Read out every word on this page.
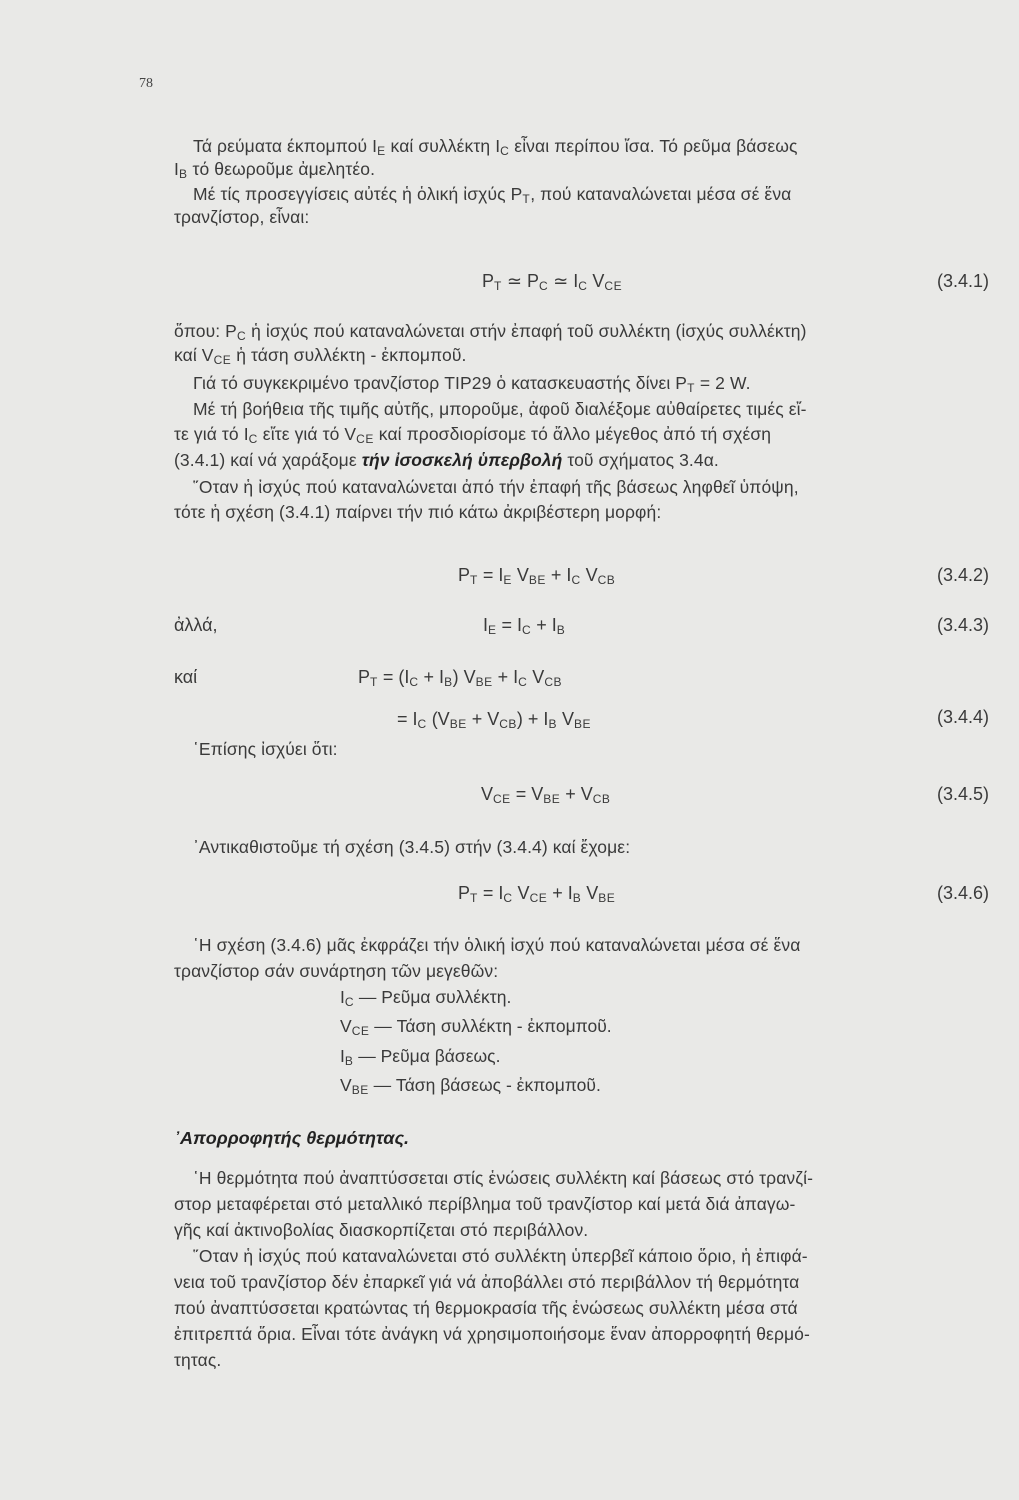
78
Τά ρεύματα έκπομπού $I_E$ καί συλλέκτη $I_C$ εἶναι περίπου ἴσα. Τό ρεῦμα βάσεως
$I_B$ τό θεωροῦμε ἀμελητέο.
Μέ τίς προσεγγίσεις αὐτές ἡ ὁλική ἰσχύς $P_T$, πού καταναλώνεται μέσα σέ ἕνα
τρανζίστορ, εἶναι:
$P_T$ ≃ $P_C$ ≃ $I_C$ $V_{CE}$	(3.4.1)
ὅπου: $P_C$ ἡ ἰσχύς πού καταναλώνεται στήν ἐπαφή τοῦ συλλέκτη (ἰσχύς συλλέκτη)
καί $V_{CE}$ ἡ τάση συλλέκτη - ἐκπομποῦ.
Γιά τό συγκεκριμένο τρανζίστορ TIP29 ὁ κατασκευαστής δίνει $P_T = 2$ W.
Μέ τή βοήθεια τῆς τιμῆς αὐτῆς, μποροῦμε, ἀφοῦ διαλέξομε αὐθαίρετες τιμές εἴ-
τε γιά τό $I_C$ εἴτε γιά τό $V_{CE}$ καί προσδιορίσομε τό ἄλλο μέγεθος ἀπό τή σχέση
(3.4.1) καί νά χαράξομε τήν ἰσοσκελή ὑπερβολή τοῦ σχήματος 3.4α.
῞Οταν ἡ ἰσχύς πού καταναλώνεται ἀπό τήν ἐπαφή τῆς βάσεως ληφθεῖ ὑπόψη,
τότε ἡ σχέση (3.4.1) παίρνει τήν πιό κάτω ἀκριβέστερη μορφή:
$P_T = I_E$ $V_{BE} + I_C$ $V_{CB}$	(3.4.2)
ἀλλά,	$I_E = I_C + I_B$	(3.4.3)
καί	$P_T = (I_C + I_B) V_{BE} + I_C$ $V_{CB}$
= $I_C$ $(V_{BE} + V_{CB}) + I_B$ $V_{BE}$	(3.4.4)
῾Επίσης ἰσχύει ὅτι:
$V_{CE} = V_{BE} + V_{CB}$	(3.4.5)
᾿Αντικαθιστοῦμε τή σχέση (3.4.5) στήν (3.4.4) καί ἔχομε:
$P_T = I_C$ $V_{CE} + I_B$ $V_{BE}$	(3.4.6)
῾Η σχέση (3.4.6) μᾶς ἐκφράζει τήν ὁλική ἰσχύ πού καταναλώνεται μέσα σέ ἕνα
τρανζίστορ σάν συνάρτηση τῶν μεγεθῶν:
$I_C$ — Ρεῦμα συλλέκτη.
$V_{CE}$ — Τάση συλλέκτη - ἐκπομποῦ.
$I_B$ — Ρεῦμα βάσεως.
$V_{BE}$ — Τάση βάσεως - ἐκπομποῦ.
᾿Απορροφητής θερμότητας.
῾Η θερμότητα πού ἀναπτύσσεται στίς ἑνώσεις συλλέκτη καί βάσεως στό τρανζί-
στορ μεταφέρεται στό μεταλλικό περίβλημα τοῦ τρανζίστορ καί μετά διά ἀπαγω-
γῆς καί ἀκτινοβολίας διασκορπίζεται στό περιβάλλον.
῞Οταν ἡ ἰσχύς πού καταναλώνεται στό συλλέκτη ὑπερβεῖ κάποιο ὅριο, ἡ ἐπιφά-
νεια τοῦ τρανζίστορ δέν ἐπαρκεῖ γιά νά ἀποβάλλει στό περιβάλλον τή θερμότητα
πού ἀναπτύσσεται κρατώντας τή θερμοκρασία τῆς ἑνώσεως συλλέκτη μέσα στά
ἐπιτρεπτά ὅρια. Εἶναι τότε ἀνάγκη νά χρησιμοποιήσομε ἕναν ἀπορροφητή θερμό-
τητας.
